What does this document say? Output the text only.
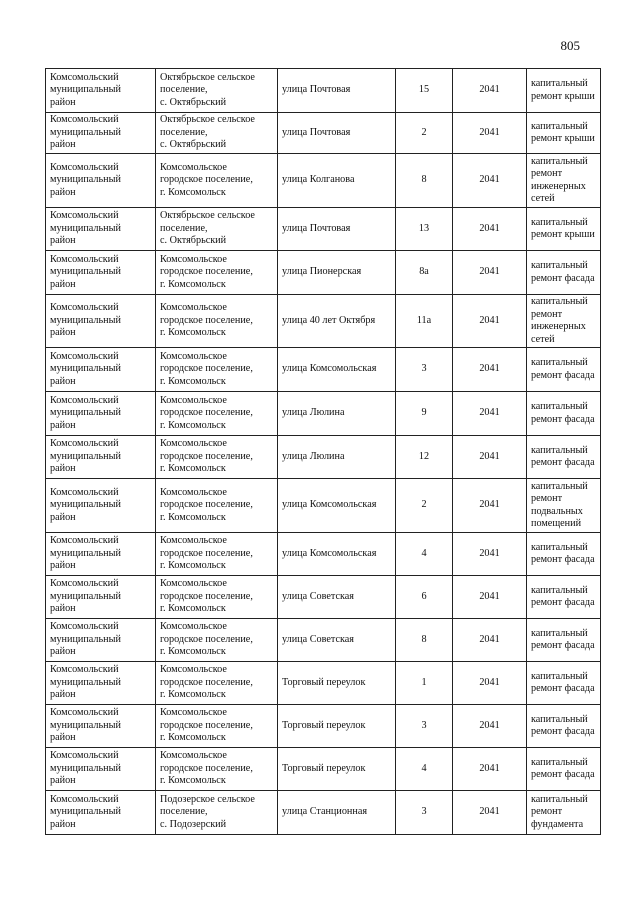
805
Комсомольский
муниципальный
район	Октябрьское сельское
поселение,
с. Октябрьский	улица Почтовая	15	2041	капитальный
ремонт крыши

Комсомольский
муниципальный
район	Октябрьское сельское
поселение,
с. Октябрьский	улица Почтовая	2	2041	капитальный
ремонт крыши

Комсомольский
муниципальный
район	Комсомольское
городское поселение,
г. Комсомольск	улица Колганова	8	2041	капитальный
ремонт
инженерных
сетей

Комсомольский
муниципальный
район	Октябрьское сельское
поселение,
с. Октябрьский	улица Почтовая	13	2041	капитальный
ремонт крыши

Комсомольский
муниципальный
район	Комсомольское
городское поселение,
г. Комсомольск	улица Пионерская	8а	2041	капитальный
ремонт фасада

Комсомольский
муниципальный
район	Комсомольское
городское поселение,
г. Комсомольск	улица 40 лет Октября	11а	2041	капитальный
ремонт
инженерных
сетей

Комсомольский
муниципальный
район	Комсомольское
городское поселение,
г. Комсомольск	улица Комсомольская	3	2041	капитальный
ремонт фасада

Комсомольский
муниципальный
район	Комсомольское
городское поселение,
г. Комсомольск	улица Люлина	9	2041	капитальный
ремонт фасада

Комсомольский
муниципальный
район	Комсомольское
городское поселение,
г. Комсомольск	улица Люлина	12	2041	капитальный
ремонт фасада

Комсомольский
муниципальный
район	Комсомольское
городское поселение,
г. Комсомольск	улица Комсомольская	2	2041	капитальный
ремонт
подвальных
помещений

Комсомольский
муниципальный
район	Комсомольское
городское поселение,
г. Комсомольск	улица Комсомольская	4	2041	капитальный
ремонт фасада

Комсомольский
муниципальный
район	Комсомольское
городское поселение,
г. Комсомольск	улица Советская	6	2041	капитальный
ремонт фасада

Комсомольский
муниципальный
район	Комсомольское
городское поселение,
г. Комсомольск	улица Советская	8	2041	капитальный
ремонт фасада

Комсомольский
муниципальный
район	Комсомольское
городское поселение,
г. Комсомольск	Торговый переулок	1	2041	капитальный
ремонт фасада

Комсомольский
муниципальный
район	Комсомольское
городское поселение,
г. Комсомольск	Торговый переулок	3	2041	капитальный
ремонт фасада

Комсомольский
муниципальный
район	Комсомольское
городское поселение,
г. Комсомольск	Торговый переулок	4	2041	капитальный
ремонт фасада

Комсомольский
муниципальный
район	Подозерское сельское
поселение,
с. Подозерский	улица Станционная	3	2041	капитальный
ремонт
фундамента
